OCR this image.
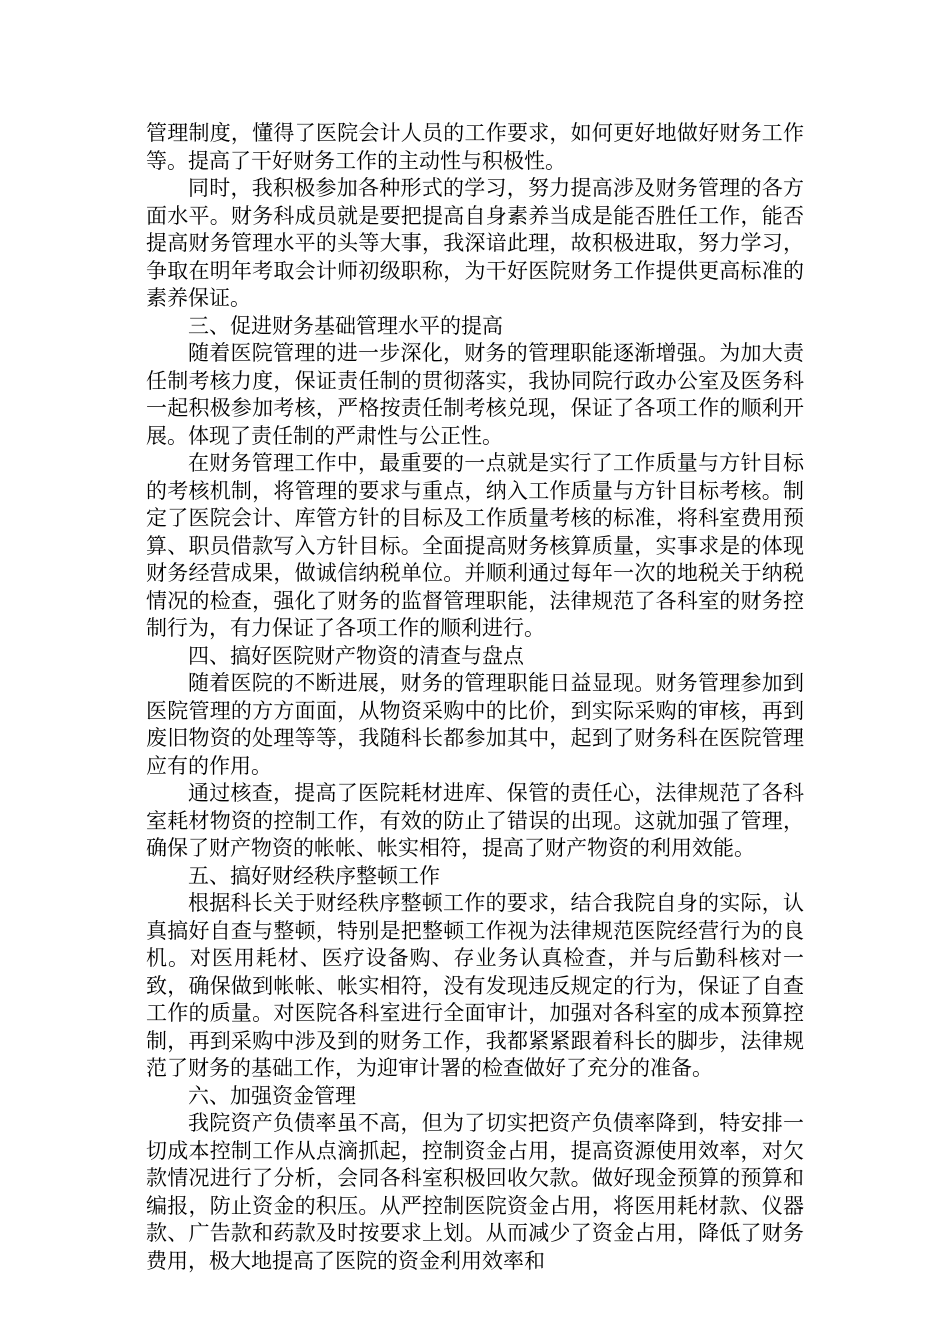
管理制度，懂得了医院会计人员的工作要求，如何更好地做好财务工作等。提高了干好财务工作的主动性与积极性。

同时，我积极参加各种形式的学习，努力提高涉及财务管理的各方面水平。财务科成员就是要把提高自身素养当成是能否胜任工作，能否提高财务管理水平的头等大事，我深谙此理，故积极进取，努力学习，争取在明年考取会计师初级职称，为干好医院财务工作提供更高标准的素养保证。

三、促进财务基础管理水平的提高

随着医院管理的进一步深化，财务的管理职能逐渐增强。为加大责任制考核力度，保证责任制的贯彻落实，我协同院行政办公室及医务科一起积极参加考核，严格按责任制考核兑现，保证了各项工作的顺利开展。体现了责任制的严肃性与公正性。

在财务管理工作中，最重要的一点就是实行了工作质量与方针目标的考核机制，将管理的要求与重点，纳入工作质量与方针目标考核。制定了医院会计、库管方针的目标及工作质量考核的标准，将科室费用预算、职员借款写入方针目标。全面提高财务核算质量，实事求是的体现财务经营成果，做诚信纳税单位。并顺利通过每年一次的地税关于纳税情况的检查，强化了财务的监督管理职能，法律规范了各科室的财务控制行为，有力保证了各项工作的顺利进行。

四、搞好医院财产物资的清查与盘点

随着医院的不断进展，财务的管理职能日益显现。财务管理参加到医院管理的方方面面，从物资采购中的比价，到实际采购的审核，再到废旧物资的处理等等，我随科长都参加其中，起到了财务科在医院管理应有的作用。

通过核查，提高了医院耗材进库、保管的责任心，法律规范了各科室耗材物资的控制工作，有效的防止了错误的出现。这就加强了管理，确保了财产物资的帐帐、帐实相符，提高了财产物资的利用效能。

五、搞好财经秩序整顿工作

根据科长关于财经秩序整顿工作的要求，结合我院自身的实际，认真搞好自查与整顿，特别是把整顿工作视为法律规范医院经营行为的良机。对医用耗材、医疗设备购、存业务认真检查，并与后勤科核对一致，确保做到帐帐、帐实相符，没有发现违反规定的行为，保证了自查工作的质量。对医院各科室进行全面审计，加强对各科室的成本预算控制，再到采购中涉及到的财务工作，我都紧紧跟着科长的脚步，法律规范了财务的基础工作，为迎审计署的检查做好了充分的准备。

六、加强资金管理

我院资产负债率虽不高，但为了切实把资产负债率降到，特安排一切成本控制工作从点滴抓起，控制资金占用，提高资源使用效率，对欠款情况进行了分析，会同各科室积极回收欠款。做好现金预算的预算和编报，防止资金的积压。从严控制医院资金占用，将医用耗材款、仪器款、广告款和药款及时按要求上划。从而减少了资金占用，降低了财务费用，极大地提高了医院的资金利用效率和
